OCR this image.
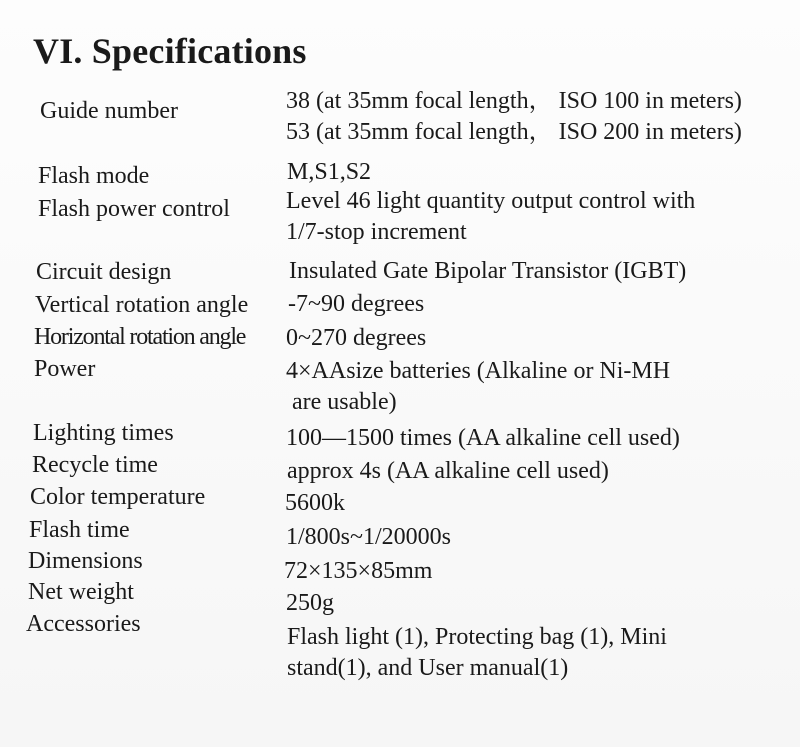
VI. Specifications
Guide number	38 (at 35mm focal length， ISO 100 in meters)
53 (at 35mm focal length， ISO 200 in meters)
Flash mode	M,S1,S2
Flash power control Level 46 light quantity output control with
1/7-stop increment
Circuit design	Insulated Gate Bipolar Transistor (IGBT)
Vertical rotation angle -7~90 degrees
Horizontal rotation angle 0~270 degrees
Power	4×AAsize batteries (Alkaline or Ni-MH
are usable)
Lighting times	100—1500 times (AA alkaline cell used)
Recycle time	approx 4s (AA alkaline cell used)
Color temperature	5600k
Flash time	1/800s~1/20000s
Dimensions	72×135×85mm
Net weight	250g
Accessories	Flash light (1), Protecting bag (1), Mini
stand(1), and User manual(1)
